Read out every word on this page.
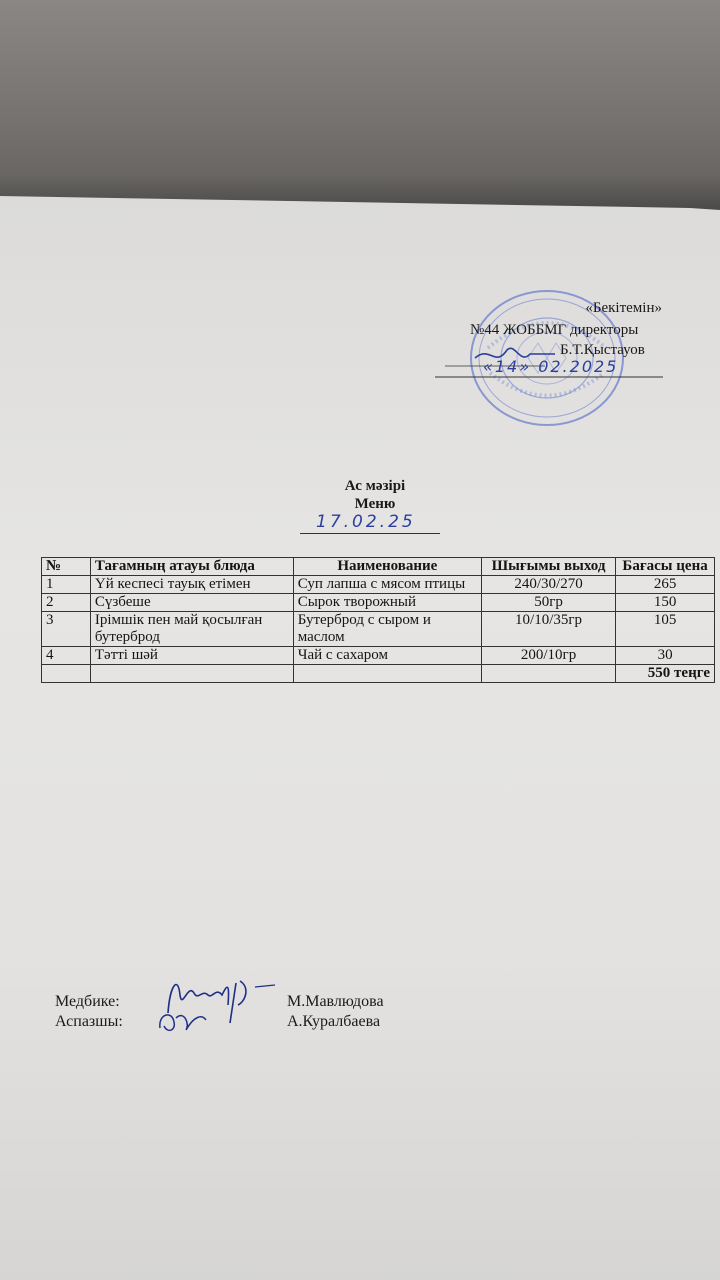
«Бекітемін»
№44 ЖОББМГ директоры
Б.Т.Қыстауов
«14» 02.2025
Ас мәзірі
Меню
17.02.25
№	Тағамның атауы блюда	Наименование	Шығымы выход	Бағасы цена
1	Үй кеспесі тауық етімен	Суп лапша с мясом птицы	240/30/270	265
2	Сүзбеше	Сырок творожный	50гр	150
3	Ірімшік пен май қосылған бутерброд	Бутерброд с сыром и маслом	10/10/35гр	105
4	Тәтті шәй	Чай с сахаром	200/10гр	30
				550 теңге
Медбике:
Аспазшы:
М.Мавлюдова
А.Куралбаева
